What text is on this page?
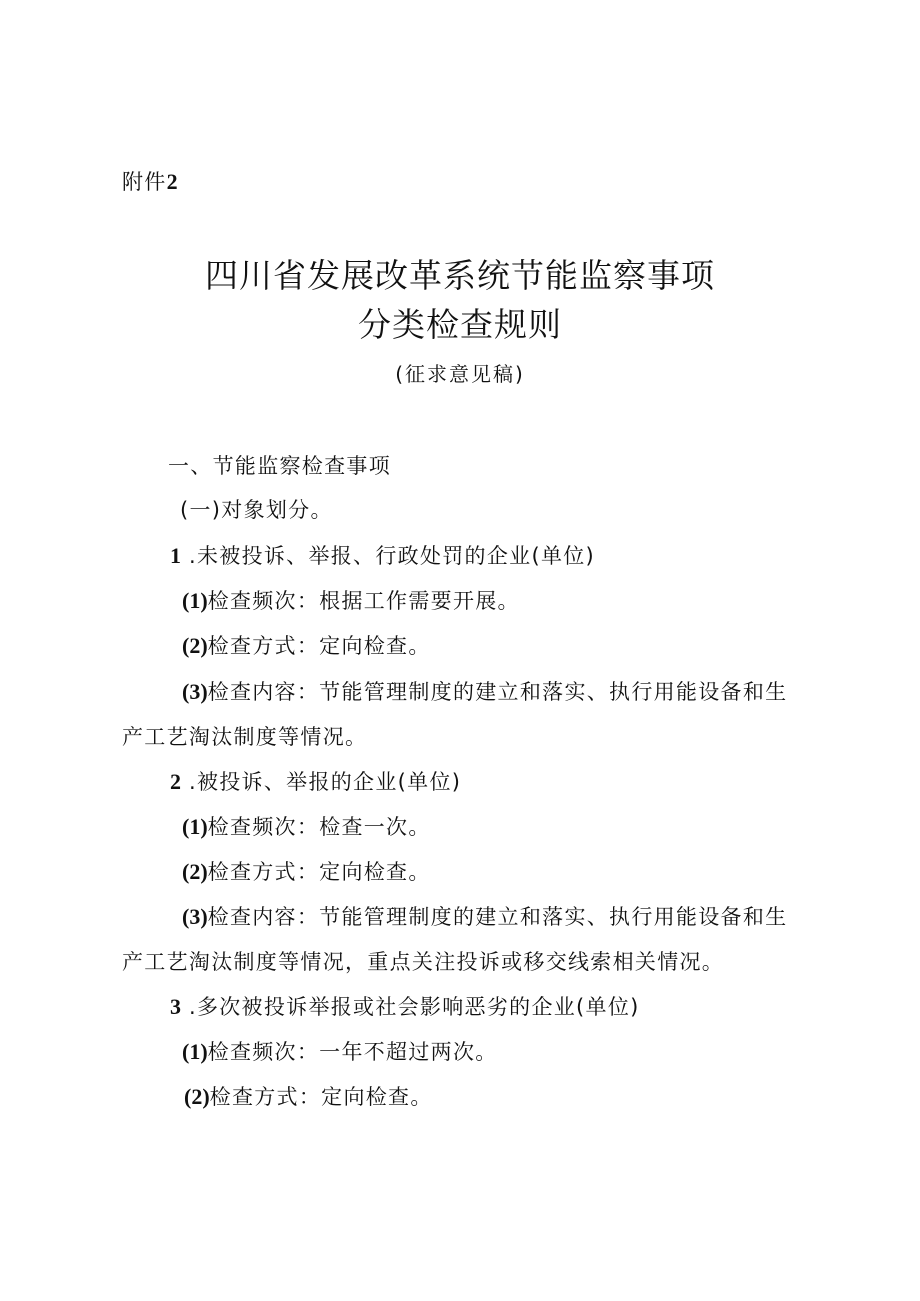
附件2
四川省发展改革系统节能监察事项
分类检查规则
(征求意见稿)
一、节能监察检查事项
(一)对象划分。
1 .未被投诉、举报、行政处罚的企业(单位)
(1)检查频次：根据工作需要开展。
(2)检查方式：定向检查。
(3)检查内容：节能管理制度的建立和落实、执行用能设备和生
产工艺淘汰制度等情况。
2 .被投诉、举报的企业(单位)
(1)检查频次：检查一次。
(2)检查方式：定向检查。
(3)检查内容：节能管理制度的建立和落实、执行用能设备和生
产工艺淘汰制度等情况，重点关注投诉或移交线索相关情况。
3 .多次被投诉举报或社会影响恶劣的企业(单位)
(1)检查频次：一年不超过两次。
(2)检查方式：定向检查。
